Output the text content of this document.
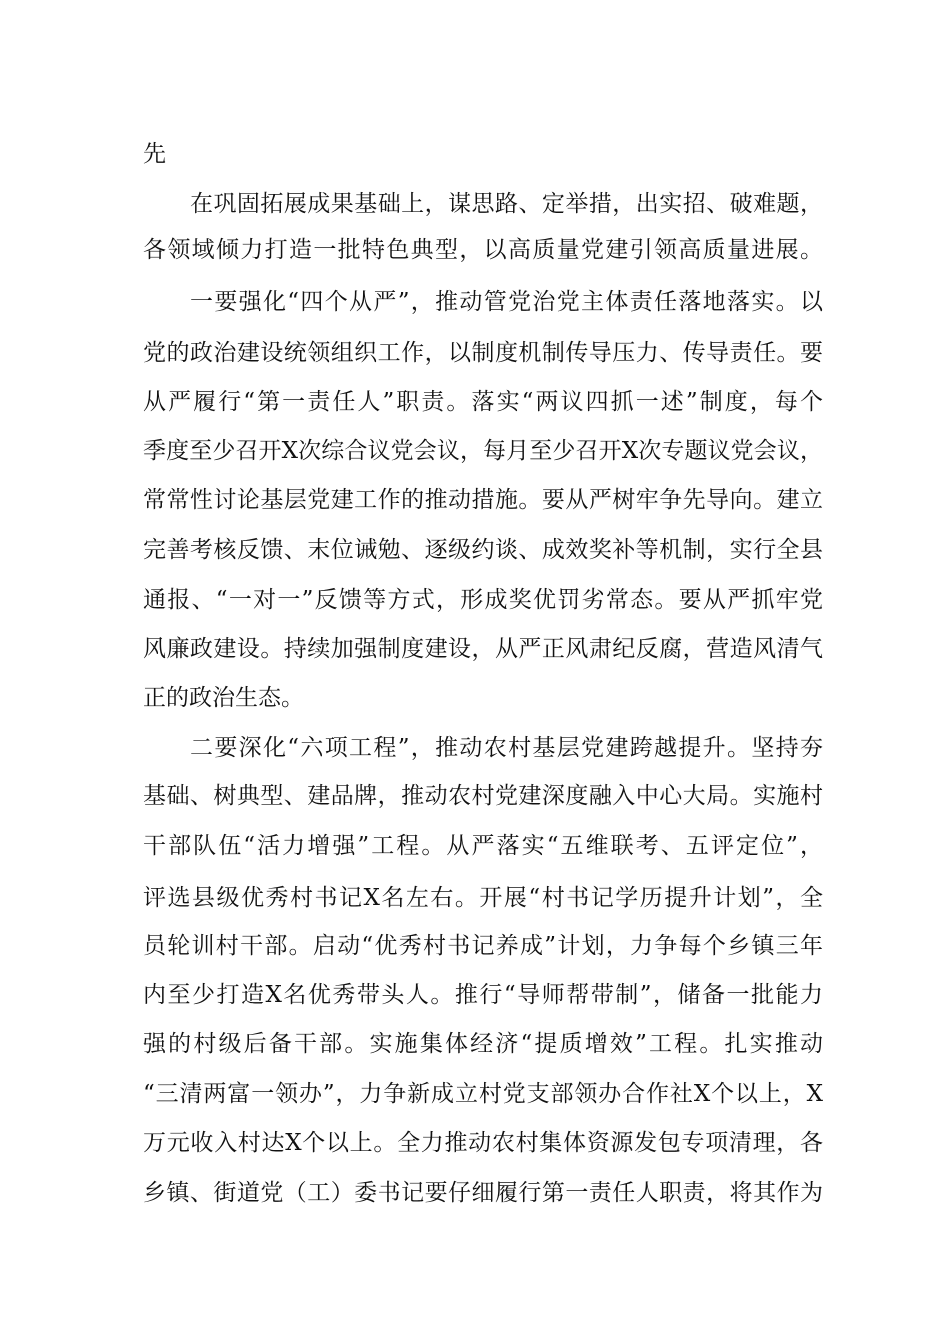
先
在巩固拓展成果基础上，谋思路、定举措，出实招、破难题，
各领域倾力打造一批特色典型，以高质量党建引领高质量进展。
一要强化“四个从严”，推动管党治党主体责任落地落实。以
党的政治建设统领组织工作，以制度机制传导压力、传导责任。要
从严履行“第一责任人”职责。落实“两议四抓一述”制度，每个
季度至少召开X次综合议党会议，每月至少召开X次专题议党会议，
常常性讨论基层党建工作的推动措施。要从严树牢争先导向。建立
完善考核反馈、末位诫勉、逐级约谈、成效奖补等机制，实行全县
通报、“一对一”反馈等方式，形成奖优罚劣常态。要从严抓牢党
风廉政建设。持续加强制度建设，从严正风肃纪反腐，营造风清气
正的政治生态。
二要深化“六项工程”，推动农村基层党建跨越提升。坚持夯
基础、树典型、建品牌，推动农村党建深度融入中心大局。实施村
干部队伍“活力增强”工程。从严落实“五维联考、五评定位”，
评选县级优秀村书记X名左右。开展“村书记学历提升计划”，全
员轮训村干部。启动“优秀村书记养成”计划，力争每个乡镇三年
内至少打造X名优秀带头人。推行“导师帮带制”，储备一批能力
强的村级后备干部。实施集体经济“提质增效”工程。扎实推动
“三清两富一领办”，力争新成立村党支部领办合作社X个以上，X
万元收入村达X个以上。全力推动农村集体资源发包专项清理，各
乡镇、街道党（工）委书记要仔细履行第一责任人职责，将其作为
